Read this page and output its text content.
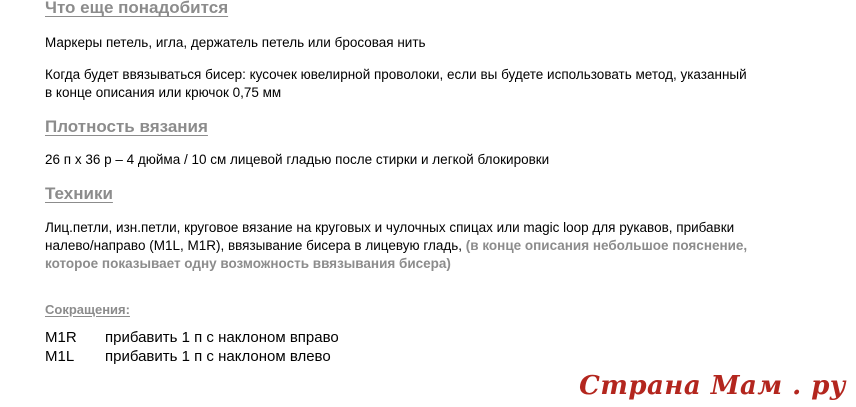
Что еще понадобится

Маркеры петель, игла, держатель петель или бросовая нить

Когда будет ввязываться бисер: кусочек ювелирной проволоки, если вы будете использовать метод, указанный

в конце описания или крючок 0,75 мм

Плотность вязания

26 п х 36 р – 4 дюйма / 10 см лицевой гладью после стирки и легкой блокировки

Техники

Лиц.петли, изн.петли, круговое вязание на круговых и чулочных спицах или magic loop для рукавов, прибавки

налево/направо (M1L, M1R), ввязывание бисера в лицевую гладь, (в конце описания небольшое пояснение,

которое показывает одну возможность ввязывания бисера)

Сокращения:
M1R прибавить 1 п с наклоном вправо
M1L прибавить 1 п с наклоном влево
Страна Мам . ру
